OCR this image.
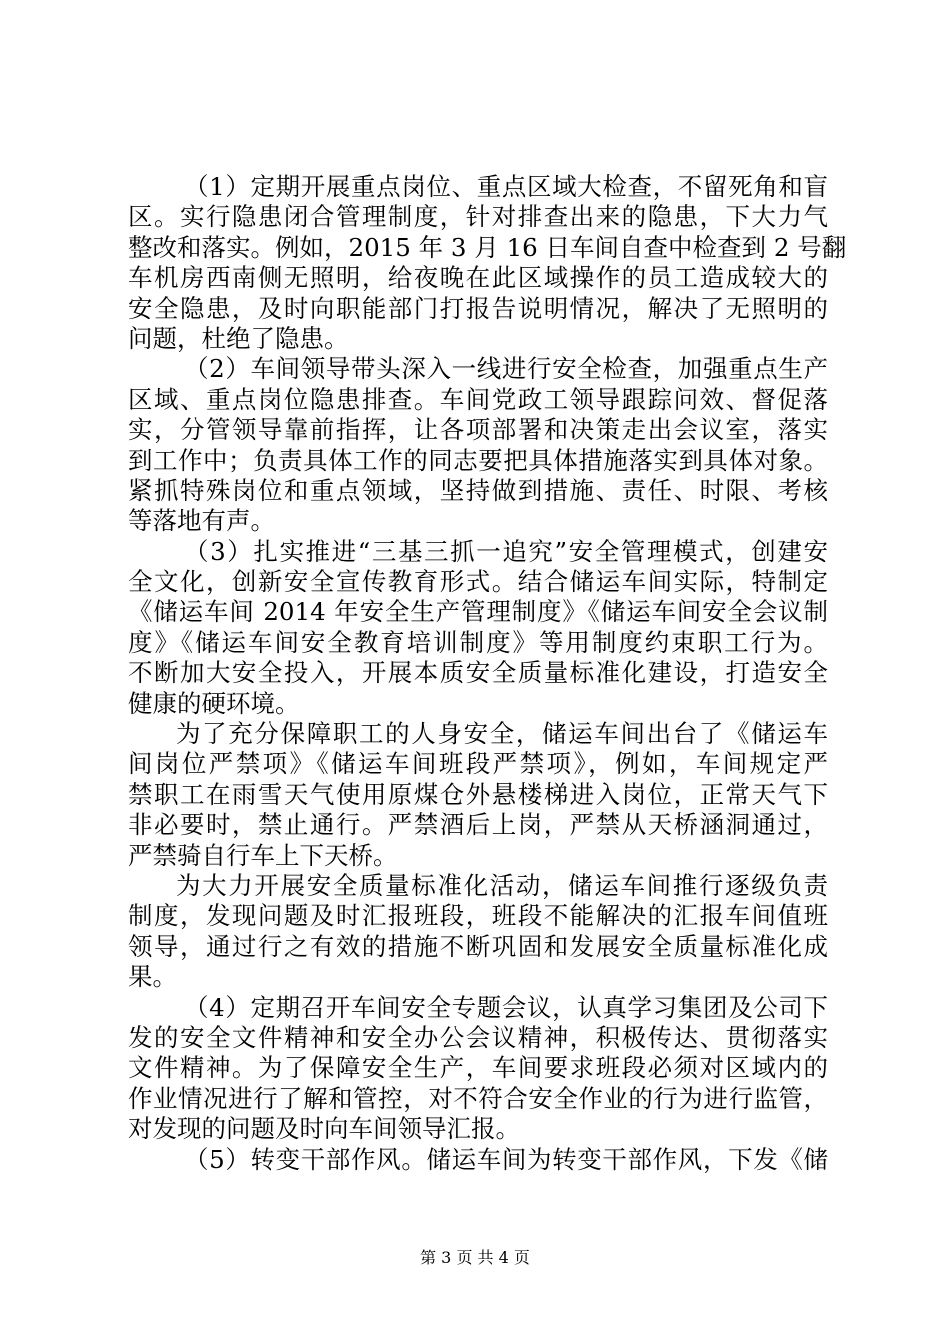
（1）定期开展重点岗位、重点区域大检查，不留死角和盲
区。实行隐患闭合管理制度，针对排查出来的隐患，下大力气
整改和落实。例如，2015 年 3 月 16 日车间自查中检查到 2 号翻
车机房西南侧无照明，给夜晚在此区域操作的员工造成较大的
安全隐患，及时向职能部门打报告说明情况，解决了无照明的
问题，杜绝了隐患。
（2）车间领导带头深入一线进行安全检查，加强重点生产
区域、重点岗位隐患排查。车间党政工领导跟踪问效、督促落
实，分管领导靠前指挥，让各项部署和决策走出会议室，落实
到工作中；负责具体工作的同志要把具体措施落实到具体对象。
紧抓特殊岗位和重点领域，坚持做到措施、责任、时限、考核
等落地有声。
（3）扎实推进“三基三抓一追究”安全管理模式，创建安
全文化，创新安全宣传教育形式。结合储运车间实际，特制定
《储运车间 2014 年安全生产管理制度》《储运车间安全会议制
度》《储运车间安全教育培训制度》等用制度约束职工行为。
不断加大安全投入，开展本质安全质量标准化建设，打造安全
健康的硬环境。
为了充分保障职工的人身安全，储运车间出台了《储运车
间岗位严禁项》《储运车间班段严禁项》，例如，车间规定严
禁职工在雨雪天气使用原煤仓外悬楼梯进入岗位，正常天气下
非必要时，禁止通行。严禁酒后上岗，严禁从天桥涵洞通过，
严禁骑自行车上下天桥。
为大力开展安全质量标准化活动，储运车间推行逐级负责
制度，发现问题及时汇报班段，班段不能解决的汇报车间值班
领导，通过行之有效的措施不断巩固和发展安全质量标准化成
果。
（4）定期召开车间安全专题会议，认真学习集团及公司下
发的安全文件精神和安全办公会议精神，积极传达、贯彻落实
文件精神。为了保障安全生产，车间要求班段必须对区域内的
作业情况进行了解和管控，对不符合安全作业的行为进行监管，
对发现的问题及时向车间领导汇报。
（5）转变干部作风。储运车间为转变干部作风，下发《储
第 3 页 共 4 页
